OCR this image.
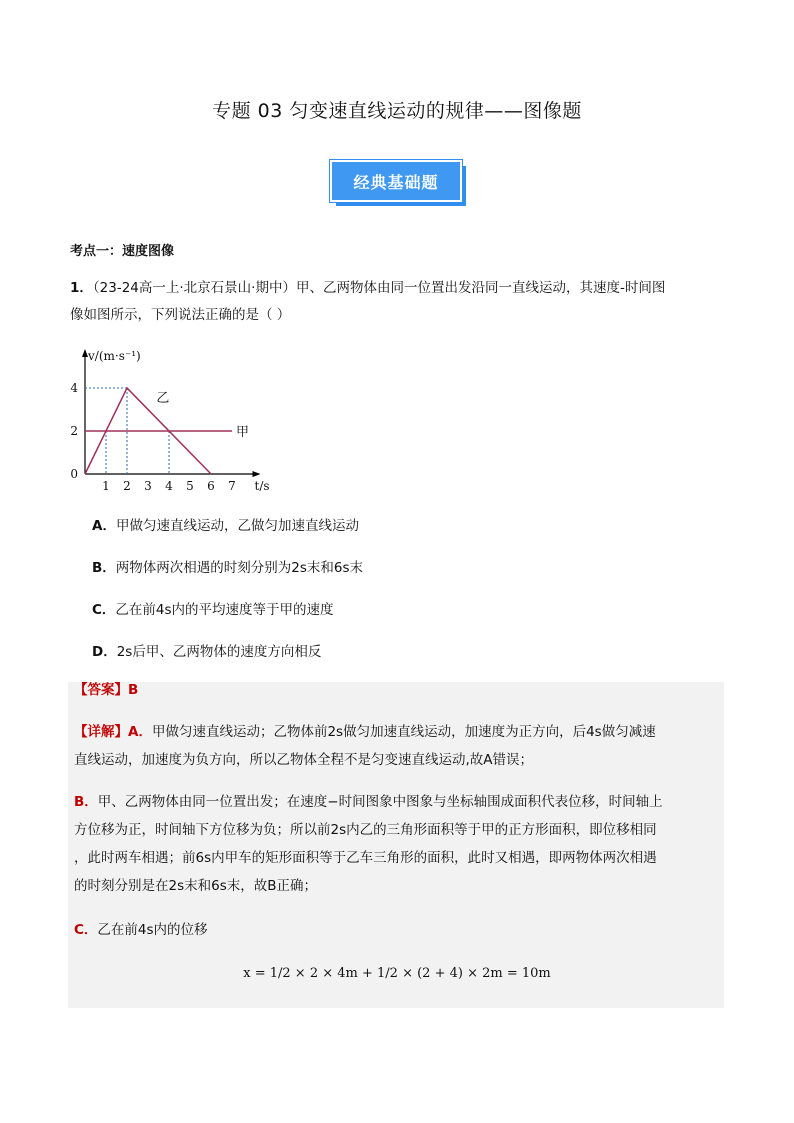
专题 03 匀变速直线运动的规律——图像题
经典基础题
考点一：速度图像
1．（23-24高一上·北京石景山·期中）甲、乙两物体由同一位置出发沿同一直线运动，其速度-时间图
像如图所示，下列说法正确的是（ ）
甲
乙
1 2 3 4 5 6 7
4
2
0
v/(m·s⁻¹)
t/s
A．甲做匀速直线运动，乙做匀加速直线运动
B．两物体两次相遇的时刻分别为2s末和6s末
C．乙在前4s内的平均速度等于甲的速度
D．2s后甲、乙两物体的速度方向相反
【答案】B
【详解】A．甲做匀速直线运动；乙物体前2s做匀加速直线运动，加速度为正方向，后4s做匀减速
直线运动，加速度为负方向，所以乙物体全程不是匀变速直线运动,故A错误；
B．甲、乙两物体由同一位置出发；在速度−时间图象中图象与坐标轴围成面积代表位移，时间轴上
方位移为正，时间轴下方位移为负；所以前2s内乙的三角形面积等于甲的正方形面积，即位移相同
，此时两车相遇；前6s内甲车的矩形面积等于乙车三角形的面积，此时又相遇，即两物体两次相遇
的时刻分别是在2s末和6s末，故B正确；
C．乙在前4s内的位移
x = 1/2 × 2 × 4m + 1/2 × (2 + 4) × 2m = 10m
